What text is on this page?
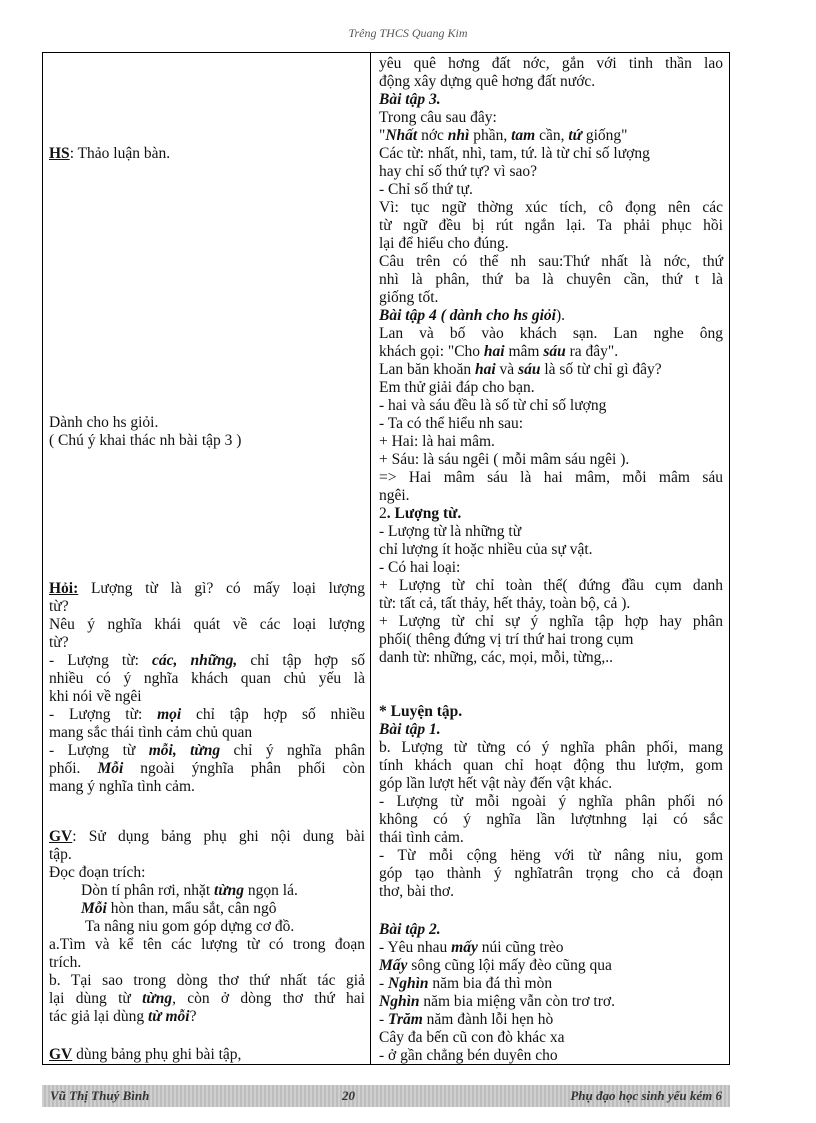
Trêng THCS Quang Kim
HS: Thảo luận bàn.
Dành cho hs giỏi.
( Chú ý khai thác nh bài tập 3 )
Hỏi: Lượng từ là gì? có mấy loại lượng
từ?
Nêu ý nghĩa khái quát về các loại lượng
từ?
- Lượng từ: các, những, chỉ tập hợp số
nhiều có ý nghĩa khách quan chủ yếu là
khi nói về ngêi
- Lượng từ: mọi chỉ tập hợp số nhiều
mang sắc thái tình cảm chủ quan
- Lượng từ mỗi, từng chỉ ý nghĩa phân
phối. Mỗi ngoài ýnghĩa phân phối còn
mang ý nghĩa tình cảm.
GV: Sử dụng bảng phụ ghi nội dung bài
tập.
Đọc đoạn trích:
Dòn tí phân rơi, nhặt từng ngọn lá.
Mỗi hòn than, mẩu sắt, cân ngô
Ta nâng niu gom góp dựng cơ đồ.
a.Tìm và kể tên các lượng từ có trong đoạn
trích.
b. Tại sao trong dòng thơ thứ nhất tác giả
lại dùng từ từng, còn ở dòng thơ thứ hai
tác giả lại dùng từ mỗi?
GV dùng bảng phụ ghi bài tập,
yêu quê hơng đất nớc, gắn với tinh thần lao
động xây dựng quê hơng đất nước.
Bài tập 3.
Trong câu sau đây:
"Nhất nớc nhì phần, tam cần, tứ giống"
Các từ: nhất, nhì, tam, tứ. là từ chỉ số lượng
hay chỉ số thứ tự? vì sao?
- Chỉ số thứ tự.
Vì: tục ngữ thờng xúc tích, cô đọng nên các
từ ngữ đều bị rút ngắn lại. Ta phải phục hồi
lại để hiểu cho đúng.
Câu trên có thể nh sau:Thứ nhất là nớc, thứ
nhì là phân, thứ ba là chuyên cần, thứ t là
giống tốt.
Bài tập 4 ( dành cho hs giỏi).
Lan và bố vào khách sạn. Lan nghe ông
khách gọi: "Cho hai mâm sáu ra đây".
Lan băn khoăn hai và sáu là số từ chỉ gì đây?
Em thử giải đáp cho bạn.
- hai và sáu đều là số từ chỉ số lượng
- Ta có thể hiểu nh sau:
+ Hai: là hai mâm.
+ Sáu: là sáu ngêi ( mỗi mâm sáu ngêi ).
=> Hai mâm sáu là hai mâm, mỗi mâm sáu
ngêi.
2. Lượng từ.
- Lượng từ là những từ
chỉ lượng ít hoặc nhiều của sự vật.
- Có hai loại:
+ Lượng từ chỉ toàn thể( đứng đầu cụm danh
từ: tất cả, tất thảy, hết thảy, toàn bộ, cả ).
+ Lượng từ chỉ sự ý nghĩa tập hợp hay phân
phối( thêng đứng vị trí thứ hai trong cụm
danh từ: những, các, mọi, mỗi, từng,..
* Luyện tập.
Bài tập 1.
b. Lượng từ từng có ý nghĩa phân phối, mang
tính khách quan chỉ hoạt động thu lượm, gom
góp lần lượt hết vật này đến vật khác.
- Lượng từ mỗi ngoài ý nghĩa phân phối nó
không có ý nghĩa lần lượtnhng lại có sắc
thái tình cảm.
- Từ mỗi cộng hëng với từ nâng niu, gom
góp tạo thành ý nghĩatrân trọng cho cả đoạn
thơ, bài thơ.
Bài tập 2.
- Yêu nhau mấy núi cũng trèo
Mấy sông cũng lội mấy đèo cũng qua
- Nghìn năm bia đá thì mòn
Nghìn năm bia miệng vẫn còn trơ trơ.
- Trăm năm đành lỗi hẹn hò
Cây đa bến cũ con đò khác xa
- ở gần chẳng bén duyên cho
Vũ Thị Thuý Bình	20	Phụ đạo học sinh yếu kém 6
